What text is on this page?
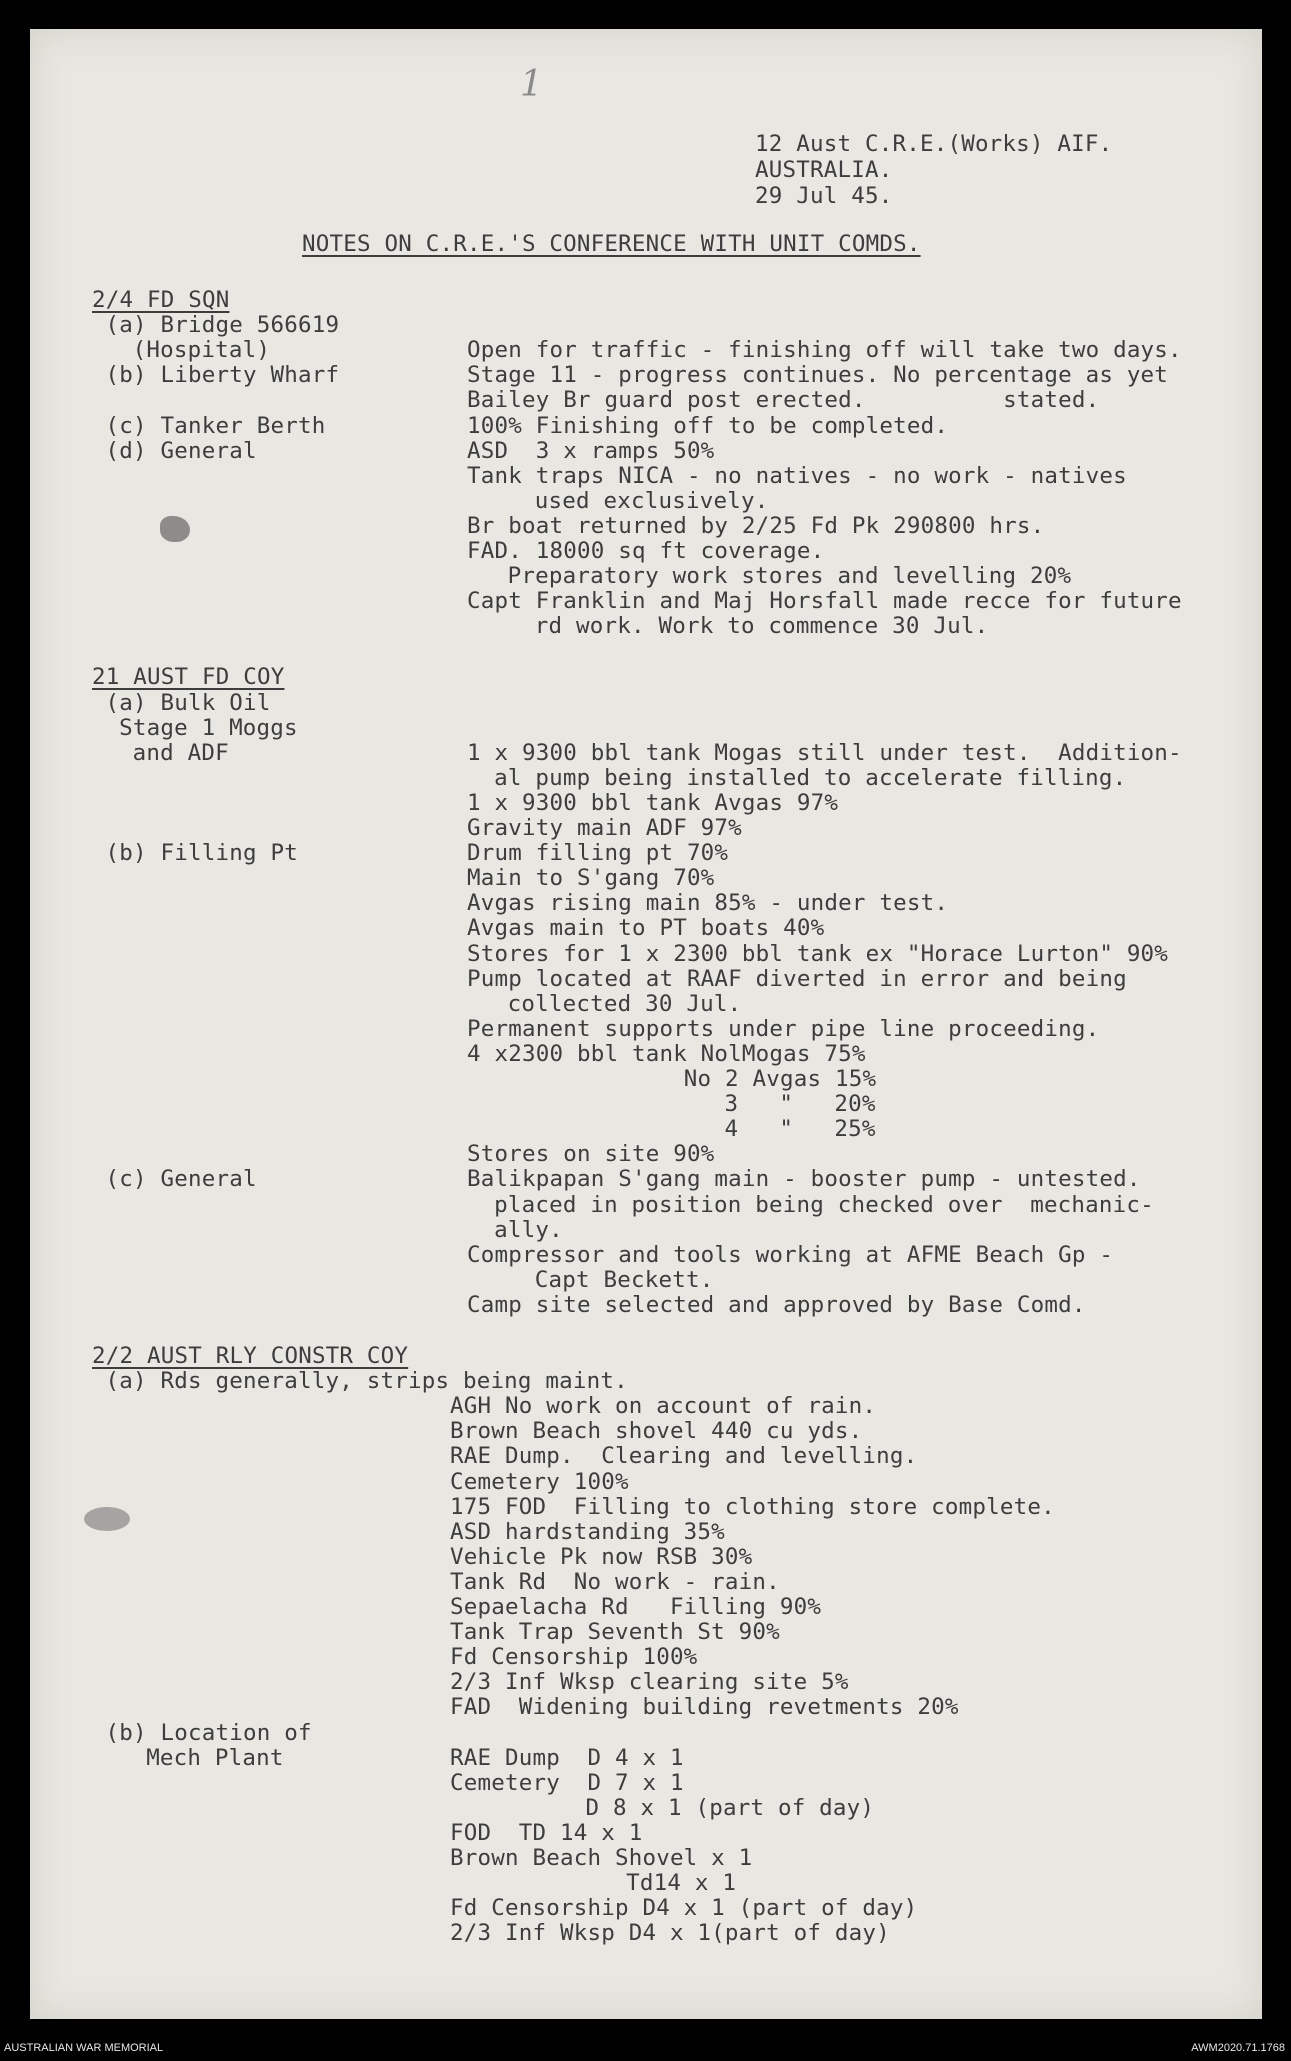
1
12 Aust C.R.E.(Works) AIF.
AUSTRALIA.
29 Jul 45.
NOTES ON C.R.E.'S CONFERENCE WITH UNIT COMDS.
2/4 FD SQN
(a) Bridge 566619
(Hospital)	Open for traffic - finishing off will take two days.
(b) Liberty Wharf	Stage 11 - progress continues. No percentage as yet
Bailey Br guard post erected.          stated.
(c) Tanker Berth	100% Finishing off to be completed.
(d) General	ASD  3 x ramps 50%
Tank traps NICA - no natives - no work - natives
used exclusively.
Br boat returned by 2/25 Fd Pk 290800 hrs.
FAD. 18000 sq ft coverage.
Preparatory work stores and levelling 20%
Capt Franklin and Maj Horsfall made recce for future
rd work. Work to commence 30 Jul.
21 AUST FD COY
(a) Bulk Oil
Stage 1 Moggs
and ADF	1 x 9300 bbl tank Mogas still under test.  Addition-
al pump being installed to accelerate filling.
1 x 9300 bbl tank Avgas 97%
Gravity main ADF 97%
(b) Filling Pt	Drum filling pt 70%
Main to S'gang 70%
Avgas rising main 85% - under test.
Avgas main to PT boats 40%
Stores for 1 x 2300 bbl tank ex "Horace Lurton" 90%
Pump located at RAAF diverted in error and being
collected 30 Jul.
Permanent supports under pipe line proceeding.
4 x2300 bbl tank NolMogas 75%
No 2 Avgas 15%
3   "   20%
4   "   25%
Stores on site 90%
(c) General	Balikpapan S'gang main - booster pump - untested.
placed in position being checked over  mechanic-
ally.
Compressor and tools working at AFME Beach Gp -
Capt Beckett.
Camp site selected and approved by Base Comd.
2/2 AUST RLY CONSTR COY
(a) Rds generally, strips being maint.
AGH No work on account of rain.
Brown Beach shovel 440 cu yds.
RAE Dump.  Clearing and levelling.
Cemetery 100%
175 FOD  Filling to clothing store complete.
ASD hardstanding 35%
Vehicle Pk now RSB 30%
Tank Rd  No work - rain.
Sepaelacha Rd   Filling 90%
Tank Trap Seventh St 90%
Fd Censorship 100%
2/3 Inf Wksp clearing site 5%
FAD  Widening building revetments 20%
(b) Location of
Mech Plant	RAE Dump  D 4 x 1
Cemetery  D 7 x 1
D 8 x 1 (part of day)
FOD  TD 14 x 1
Brown Beach Shovel x 1
Td14 x 1
Fd Censorship D4 x 1 (part of day)
2/3 Inf Wksp D4 x 1(part of day)
AUSTRALIAN WAR MEMORIAL	AWM2020.71.1768
